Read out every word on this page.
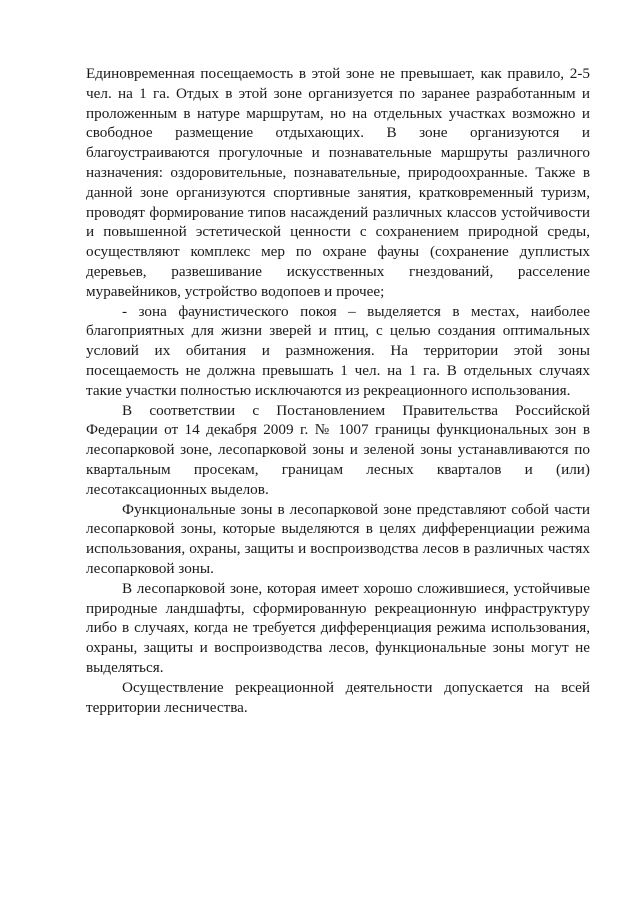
Единовременная посещаемость в этой зоне не превышает, как правило, 2-5 чел. на 1 га. Отдых в этой зоне организуется по заранее разработанным и проложенным в натуре маршрутам, но на отдельных участках возможно и свободное размещение отдыхающих. В зоне организуются и благоустраиваются прогулочные и познавательные маршруты различного назначения: оздоровительные, познавательные, природоохранные. Также в данной зоне организуются спортивные занятия, кратковременный туризм, проводят формирование типов насаждений различных классов устойчивости и повышенной эстетической ценности с сохранением природной среды, осуществляют комплекс мер по охране фауны (сохранение дуплистых деревьев, развешивание искусственных гнездований, расселение муравейников, устройство водопоев и прочее;

- зона фаунистического покоя – выделяется в местах, наиболее благоприятных для жизни зверей и птиц, с целью создания оптимальных условий их обитания и размножения. На территории этой зоны посещаемость не должна превышать 1 чел. на 1 га. В отдельных случаях такие участки полностью исключаются из рекреационного использования.

В соответствии с Постановлением Правительства Российской Федерации от 14 декабря 2009 г. № 1007 границы функциональных зон в лесопарковой зоне, лесопарковой зоны и зеленой зоны устанавливаются по квартальным просекам, границам лесных кварталов и (или) лесотаксационных выделов.

Функциональные зоны в лесопарковой зоне представляют собой части лесопарковой зоны, которые выделяются в целях дифференциации режима использования, охраны, защиты и воспроизводства лесов в различных частях лесопарковой зоны.

В лесопарковой зоне, которая имеет хорошо сложившиеся, устойчивые природные ландшафты, сформированную рекреационную инфраструктуру либо в случаях, когда не требуется дифференциация режима использования, охраны, защиты и воспроизводства лесов, функциональные зоны могут не выделяться.

Осуществление рекреационной деятельности допускается на всей территории лесничества.
